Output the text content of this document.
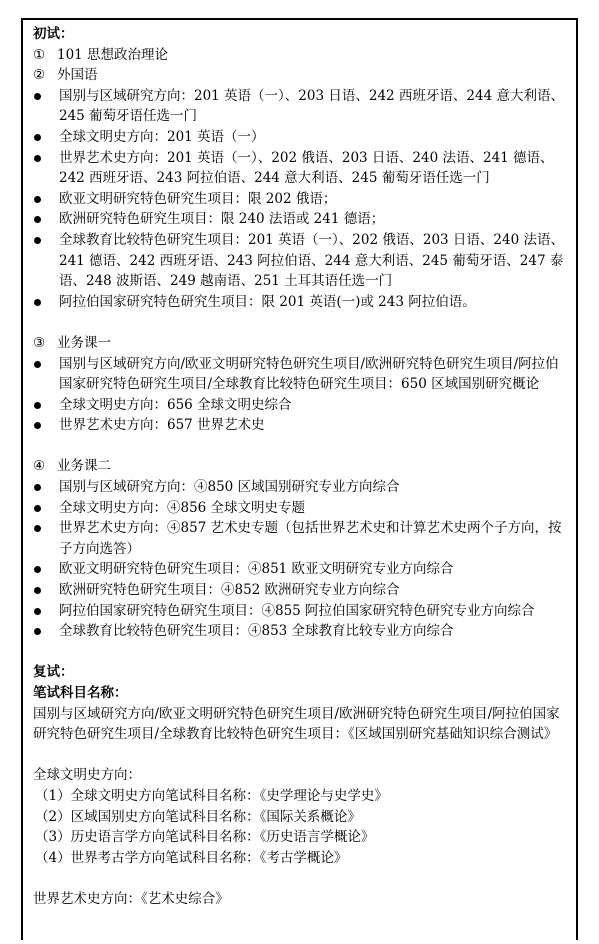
初试：
① 101 思想政治理论
② 外国语
国别与区域研究方向：201 英语（一）、203 日语、242 西班牙语、244 意大利语、245 葡萄牙语任选一门
全球文明史方向：201 英语（一）
世界艺术史方向：201 英语（一）、202 俄语、203 日语、240 法语、241 德语、242 西班牙语、243 阿拉伯语、244 意大利语、245 葡萄牙语任选一门
欧亚文明研究特色研究生项目：限 202 俄语；
欧洲研究特色研究生项目：限 240 法语或 241 德语；
全球教育比较特色研究生项目：201 英语（一）、202 俄语、203 日语、240 法语、241 德语、242 西班牙语、243 阿拉伯语、244 意大利语、245 葡萄牙语、247 泰语、248 波斯语、249 越南语、251 土耳其语任选一门
阿拉伯国家研究特色研究生项目：限 201 英语(一)或 243 阿拉伯语。
③ 业务课一
国别与区域研究方向/欧亚文明研究特色研究生项目/欧洲研究特色研究生项目/阿拉伯国家研究特色研究生项目/全球教育比较特色研究生项目：650 区域国别研究概论
全球文明史方向：656 全球文明史综合
世界艺术史方向：657 世界艺术史
④ 业务课二
国别与区域研究方向：④850 区域国别研究专业方向综合
全球文明史方向：④856 全球文明史专题
世界艺术史方向：④857 艺术史专题（包括世界艺术史和计算艺术史两个子方向，按子方向选答）
欧亚文明研究特色研究生项目：④851 欧亚文明研究专业方向综合
欧洲研究特色研究生项目：④852 欧洲研究专业方向综合
阿拉伯国家研究特色研究生项目：④855 阿拉伯国家研究特色研究专业方向综合
全球教育比较特色研究生项目：④853 全球教育比较专业方向综合
复试：
笔试科目名称：
国别与区域研究方向/欧亚文明研究特色研究生项目/欧洲研究特色研究生项目/阿拉伯国家研究特色研究生项目/全球教育比较特色研究生项目：《区域国别研究基础知识综合测试》
全球文明史方向：
（1）全球文明史方向笔试科目名称：《史学理论与史学史》
（2）区域国别史方向笔试科目名称：《国际关系概论》
（3）历史语言学方向笔试科目名称：《历史语言学概论》
（4）世界考古学方向笔试科目名称：《考古学概论》
世界艺术史方向：《艺术史综合》
